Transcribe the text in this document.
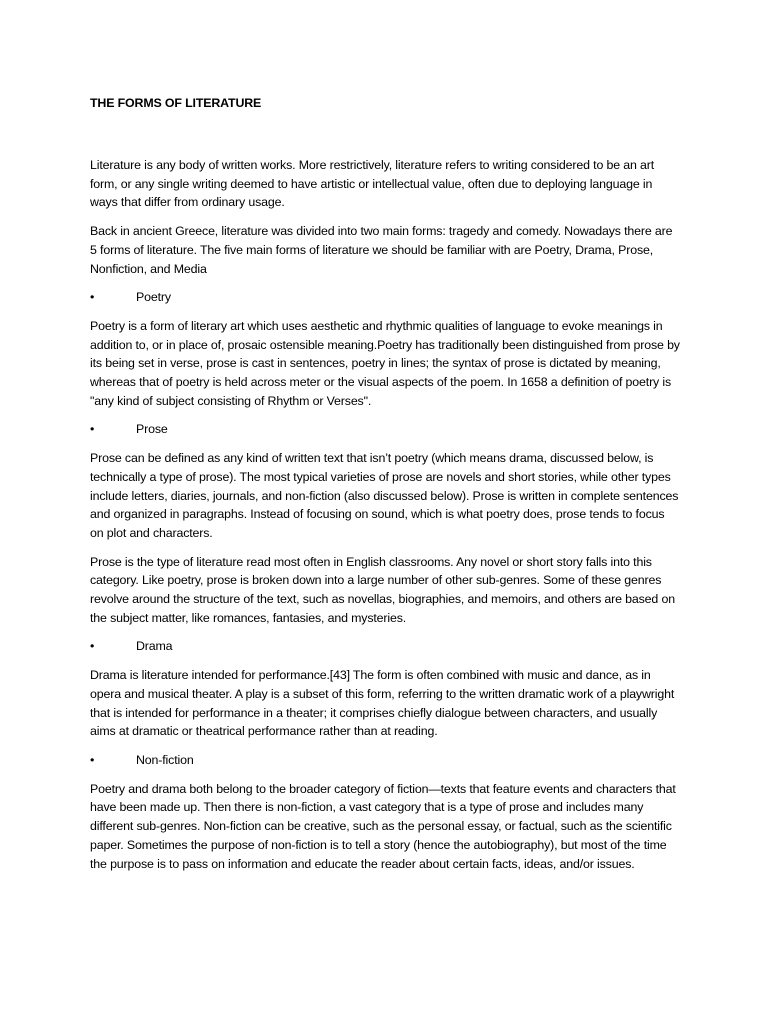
THE FORMS OF LITERATURE

Literature is any body of written works. More restrictively, literature refers to writing considered to be an art form, or any single writing deemed to have artistic or intellectual value, often due to deploying language in ways that differ from ordinary usage.

Back in ancient Greece, literature was divided into two main forms: tragedy and comedy. Nowadays there are 5 forms of literature. The five main forms of literature we should be familiar with are Poetry, Drama, Prose, Nonfiction, and Media

•	Poetry

Poetry is a form of literary art which uses aesthetic and rhythmic qualities of language to evoke meanings in addition to, or in place of, prosaic ostensible meaning.Poetry has traditionally been distinguished from prose by its being set in verse, prose is cast in sentences, poetry in lines; the syntax of prose is dictated by meaning, whereas that of poetry is held across meter or the visual aspects of the poem. In 1658 a definition of poetry is "any kind of subject consisting of Rhythm or Verses".

•	Prose

Prose can be defined as any kind of written text that isn’t poetry (which means drama, discussed below, is technically a type of prose). The most typical varieties of prose are novels and short stories, while other types include letters, diaries, journals, and non-fiction (also discussed below). Prose is written in complete sentences and organized in paragraphs. Instead of focusing on sound, which is what poetry does, prose tends to focus on plot and characters.

Prose is the type of literature read most often in English classrooms. Any novel or short story falls into this category. Like poetry, prose is broken down into a large number of other sub-genres. Some of these genres revolve around the structure of the text, such as novellas, biographies, and memoirs, and others are based on the subject matter, like romances, fantasies, and mysteries.

•	Drama

Drama is literature intended for performance.[43] The form is often combined with music and dance, as in opera and musical theater. A play is a subset of this form, referring to the written dramatic work of a playwright that is intended for performance in a theater; it comprises chiefly dialogue between characters, and usually aims at dramatic or theatrical performance rather than at reading.

•	Non-fiction

Poetry and drama both belong to the broader category of fiction—texts that feature events and characters that have been made up. Then there is non-fiction, a vast category that is a type of prose and includes many different sub-genres. Non-fiction can be creative, such as the personal essay, or factual, such as the scientific paper. Sometimes the purpose of non-fiction is to tell a story (hence the autobiography), but most of the time the purpose is to pass on information and educate the reader about certain facts, ideas, and/or issues.
